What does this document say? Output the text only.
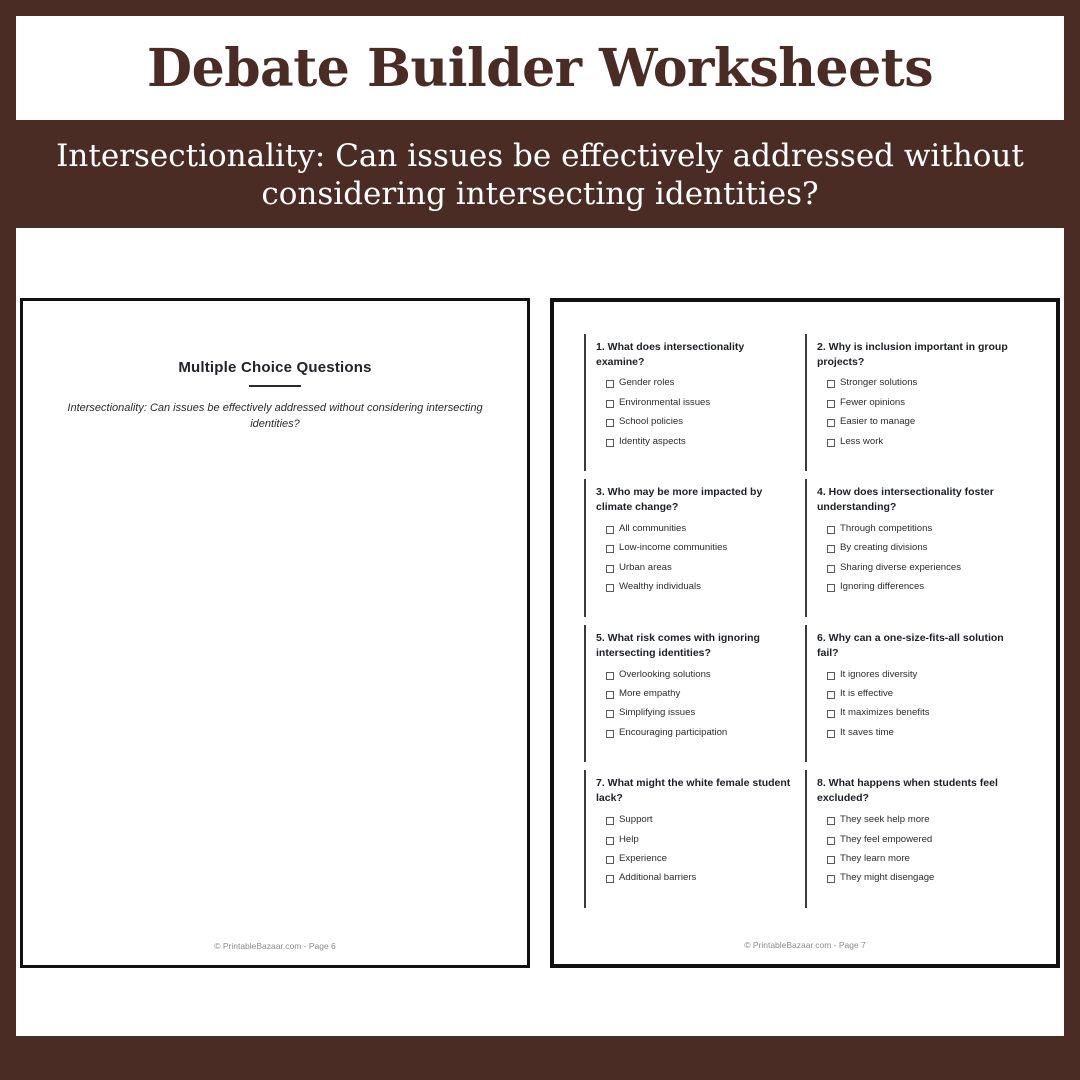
Debate Builder Worksheets
Intersectionality: Can issues be effectively addressed without considering intersecting identities?
Multiple Choice Questions
Intersectionality: Can issues be effectively addressed without considering intersecting identities?
© PrintableBazaar.com - Page 6
1. What does intersectionality examine?
Gender roles
Environmental issues
School policies
Identity aspects
2. Why is inclusion important in group projects?
Stronger solutions
Fewer opinions
Easier to manage
Less work
3. Who may be more impacted by climate change?
All communities
Low-income communities
Urban areas
Wealthy individuals
4. How does intersectionality foster understanding?
Through competitions
By creating divisions
Sharing diverse experiences
Ignoring differences
5. What risk comes with ignoring intersecting identities?
Overlooking solutions
More empathy
Simplifying issues
Encouraging participation
6. Why can a one-size-fits-all solution fail?
It ignores diversity
It is effective
It maximizes benefits
It saves time
7. What might the white female student lack?
Support
Help
Experience
Additional barriers
8. What happens when students feel excluded?
They seek help more
They feel empowered
They learn more
They might disengage
© PrintableBazaar.com - Page 7
